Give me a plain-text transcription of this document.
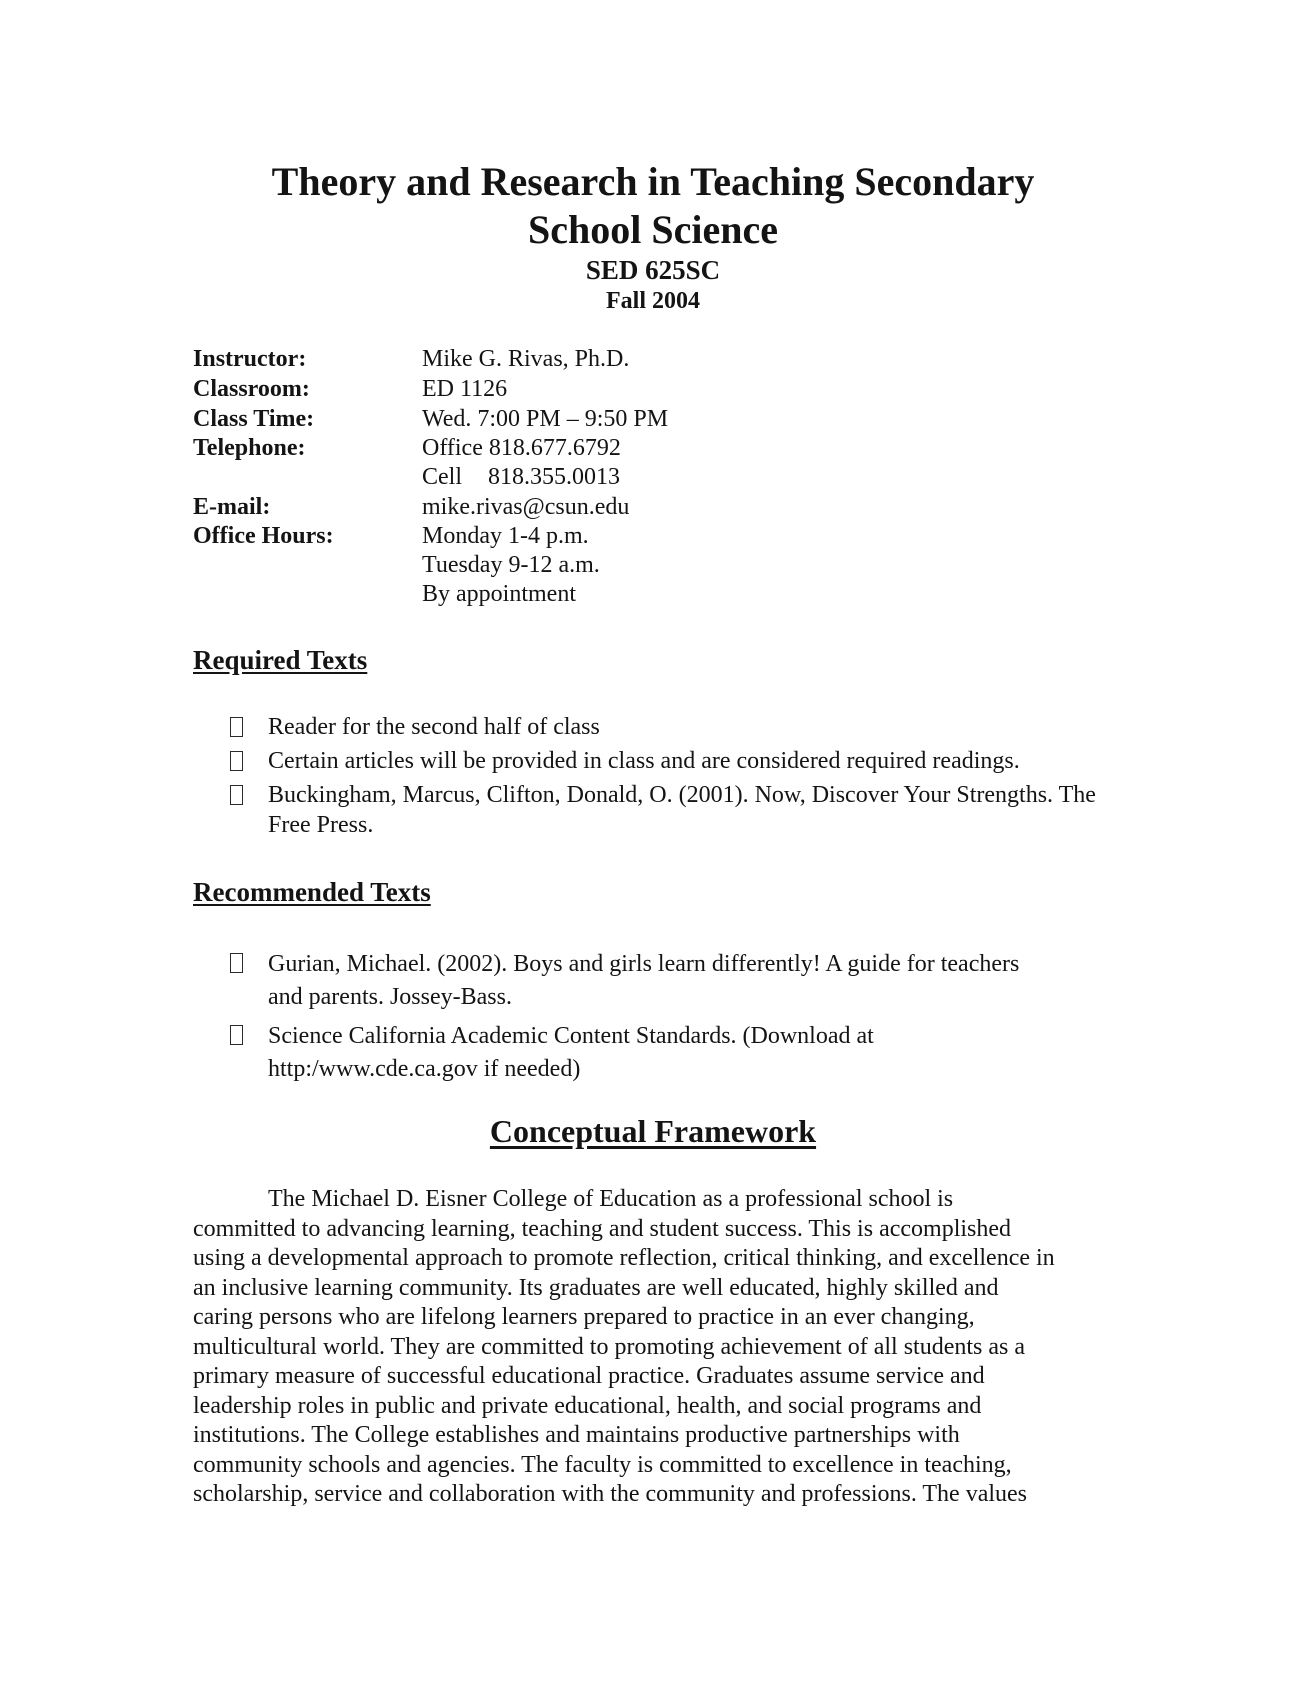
Theory and Research in Teaching Secondary
School Science
SED 625SC
Fall 2004
Instructor:	Mike G. Rivas, Ph.D.
Classroom:	ED 1126
Class Time:	Wed. 7:00 PM – 9:50 PM
Telephone:	Office 818.677.6792
Cell 818.355.0013
E-mail:	mike.rivas@csun.edu
Office Hours:	Monday 1-4 p.m.
Tuesday 9-12 a.m.
By appointment
Required Texts
Reader for the second half of class
Certain articles will be provided in class and are considered required readings.
Buckingham, Marcus, Clifton, Donald, O. (2001). Now, Discover Your Strengths. The Free Press.
Recommended Texts
Gurian, Michael. (2002). Boys and girls learn differently! A guide for teachers
and parents. Jossey-Bass.
Science California Academic Content Standards. (Download at
http:/www.cde.ca.gov if needed)
Conceptual Framework
The Michael D. Eisner College of Education as a professional school is
committed to advancing learning, teaching and student success. This is accomplished
using a developmental approach to promote reflection, critical thinking, and excellence in
an inclusive learning community. Its graduates are well educated, highly skilled and
caring persons who are lifelong learners prepared to practice in an ever changing,
multicultural world. They are committed to promoting achievement of all students as a
primary measure of successful educational practice. Graduates assume service and
leadership roles in public and private educational, health, and social programs and
institutions. The College establishes and maintains productive partnerships with
community schools and agencies. The faculty is committed to excellence in teaching,
scholarship, service and collaboration with the community and professions. The values
